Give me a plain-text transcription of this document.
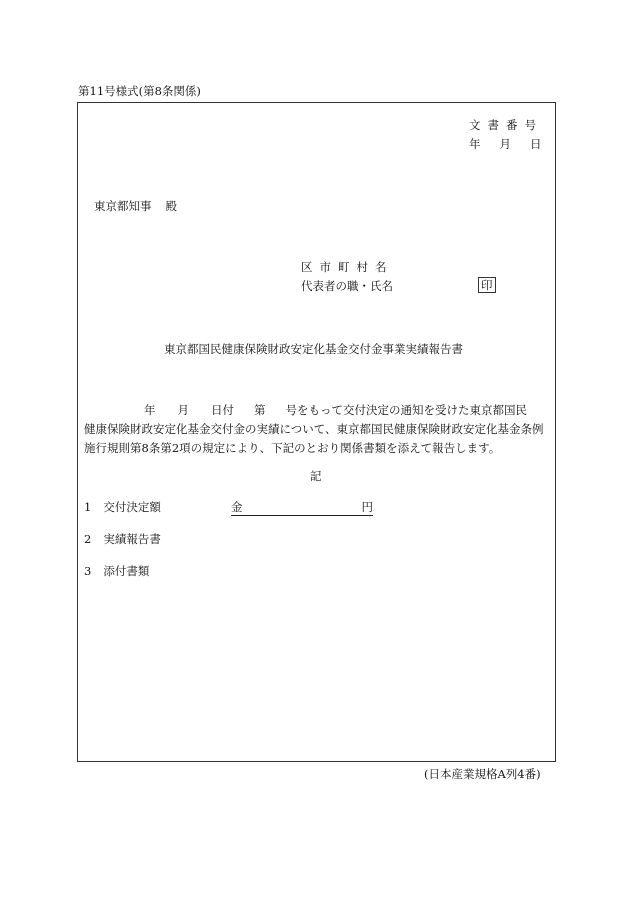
第11号様式(第8条関係)
文書番号
年 月 日
東京都知事 殿
区市町村名
代表者の職・氏名	印
東京都国民健康保険財政安定化基金交付金事業実績報告書
年 月 日付 第 号をもって交付決定の通知を受けた東京都国民
健康保険財政安定化基金交付金の実績について、東京都国民健康保険財政安定化基金条例
施行規則第8条第2項の規定により、下記のとおり関係書類を添えて報告します。
記
1 交付決定額	金	円
2 実績報告書
3 添付書類
(日本産業規格A列4番)
